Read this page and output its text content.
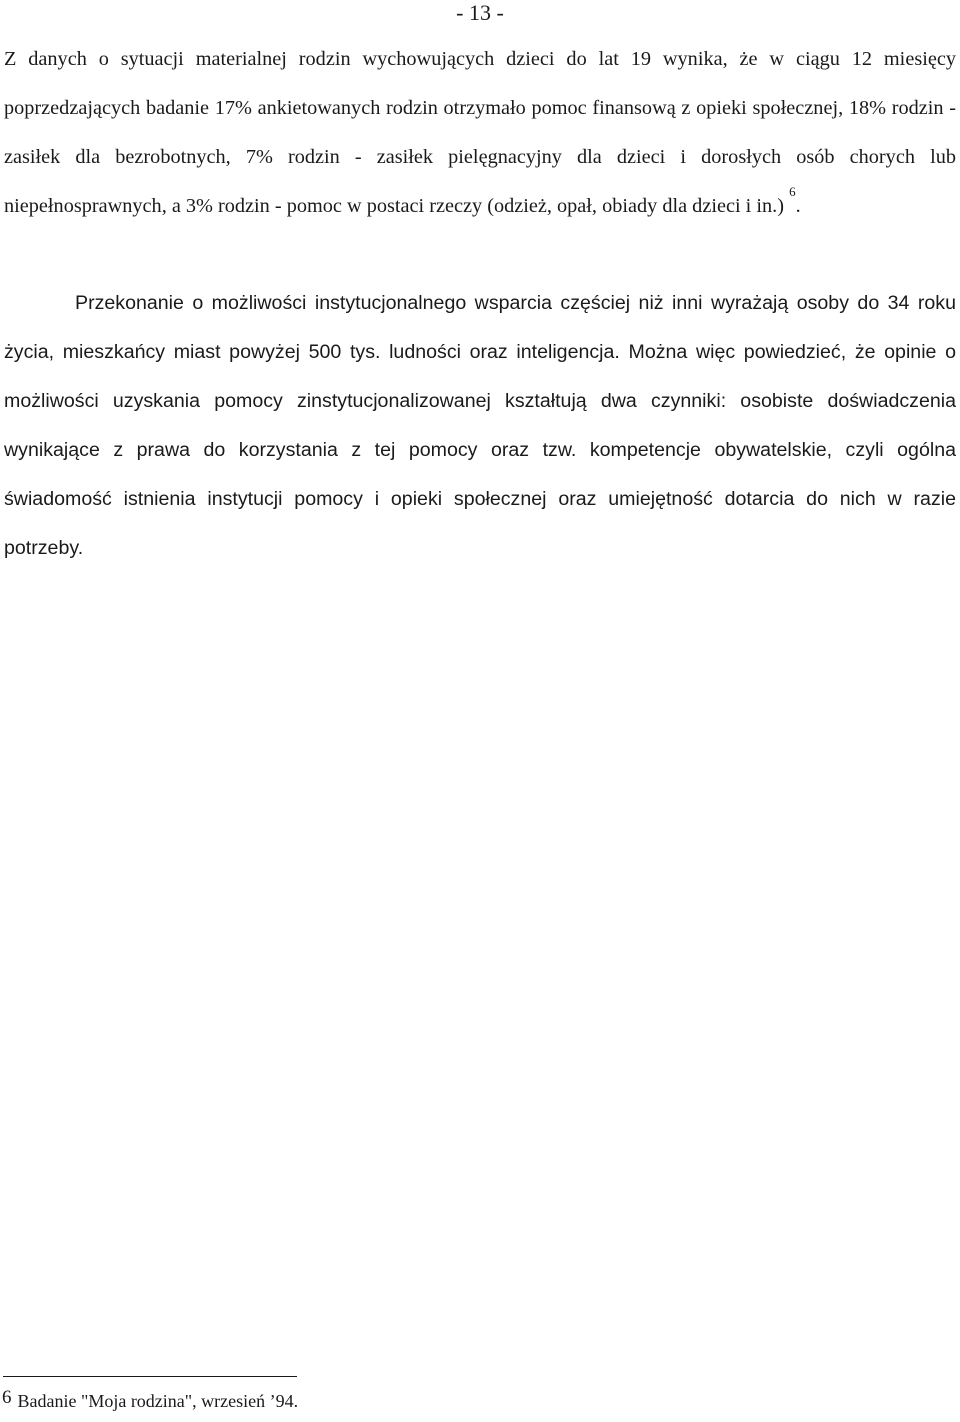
- 13 -

Z danych o sytuacji materialnej rodzin wychowujących dzieci do lat 19 wynika, że w ciągu 12 miesięcy poprzedzających badanie 17% ankietowanych rodzin otrzymało pomoc finansową z opieki społecznej, 18% rodzin - zasiłek dla bezrobotnych, 7% rodzin - zasiłek pielęgnacyjny dla dzieci i dorosłych osób chorych lub niepełnosprawnych, a 3% rodzin - pomoc w postaci rzeczy (odzież, opał, obiady dla dzieci i in.) $^6$.

Przekonanie o możliwości instytucjonalnego wsparcia częściej niż inni wyrażają osoby do 34 roku życia, mieszkańcy miast powyżej 500 tys. ludności oraz inteligencja. Można więc powiedzieć, że opinie o możliwości uzyskania pomocy zinstytucjonalizowanej kształtują dwa czynniki: osobiste doświadczenia wynikające z prawa do korzystania z tej pomocy oraz tzw. kompetencje obywatelskie, czyli ogólna świadomość istnienia instytucji pomocy i opieki społecznej oraz umiejętność dotarcia do nich w razie potrzeby.

6 Badanie "Moja rodzina", wrzesień ’94.
